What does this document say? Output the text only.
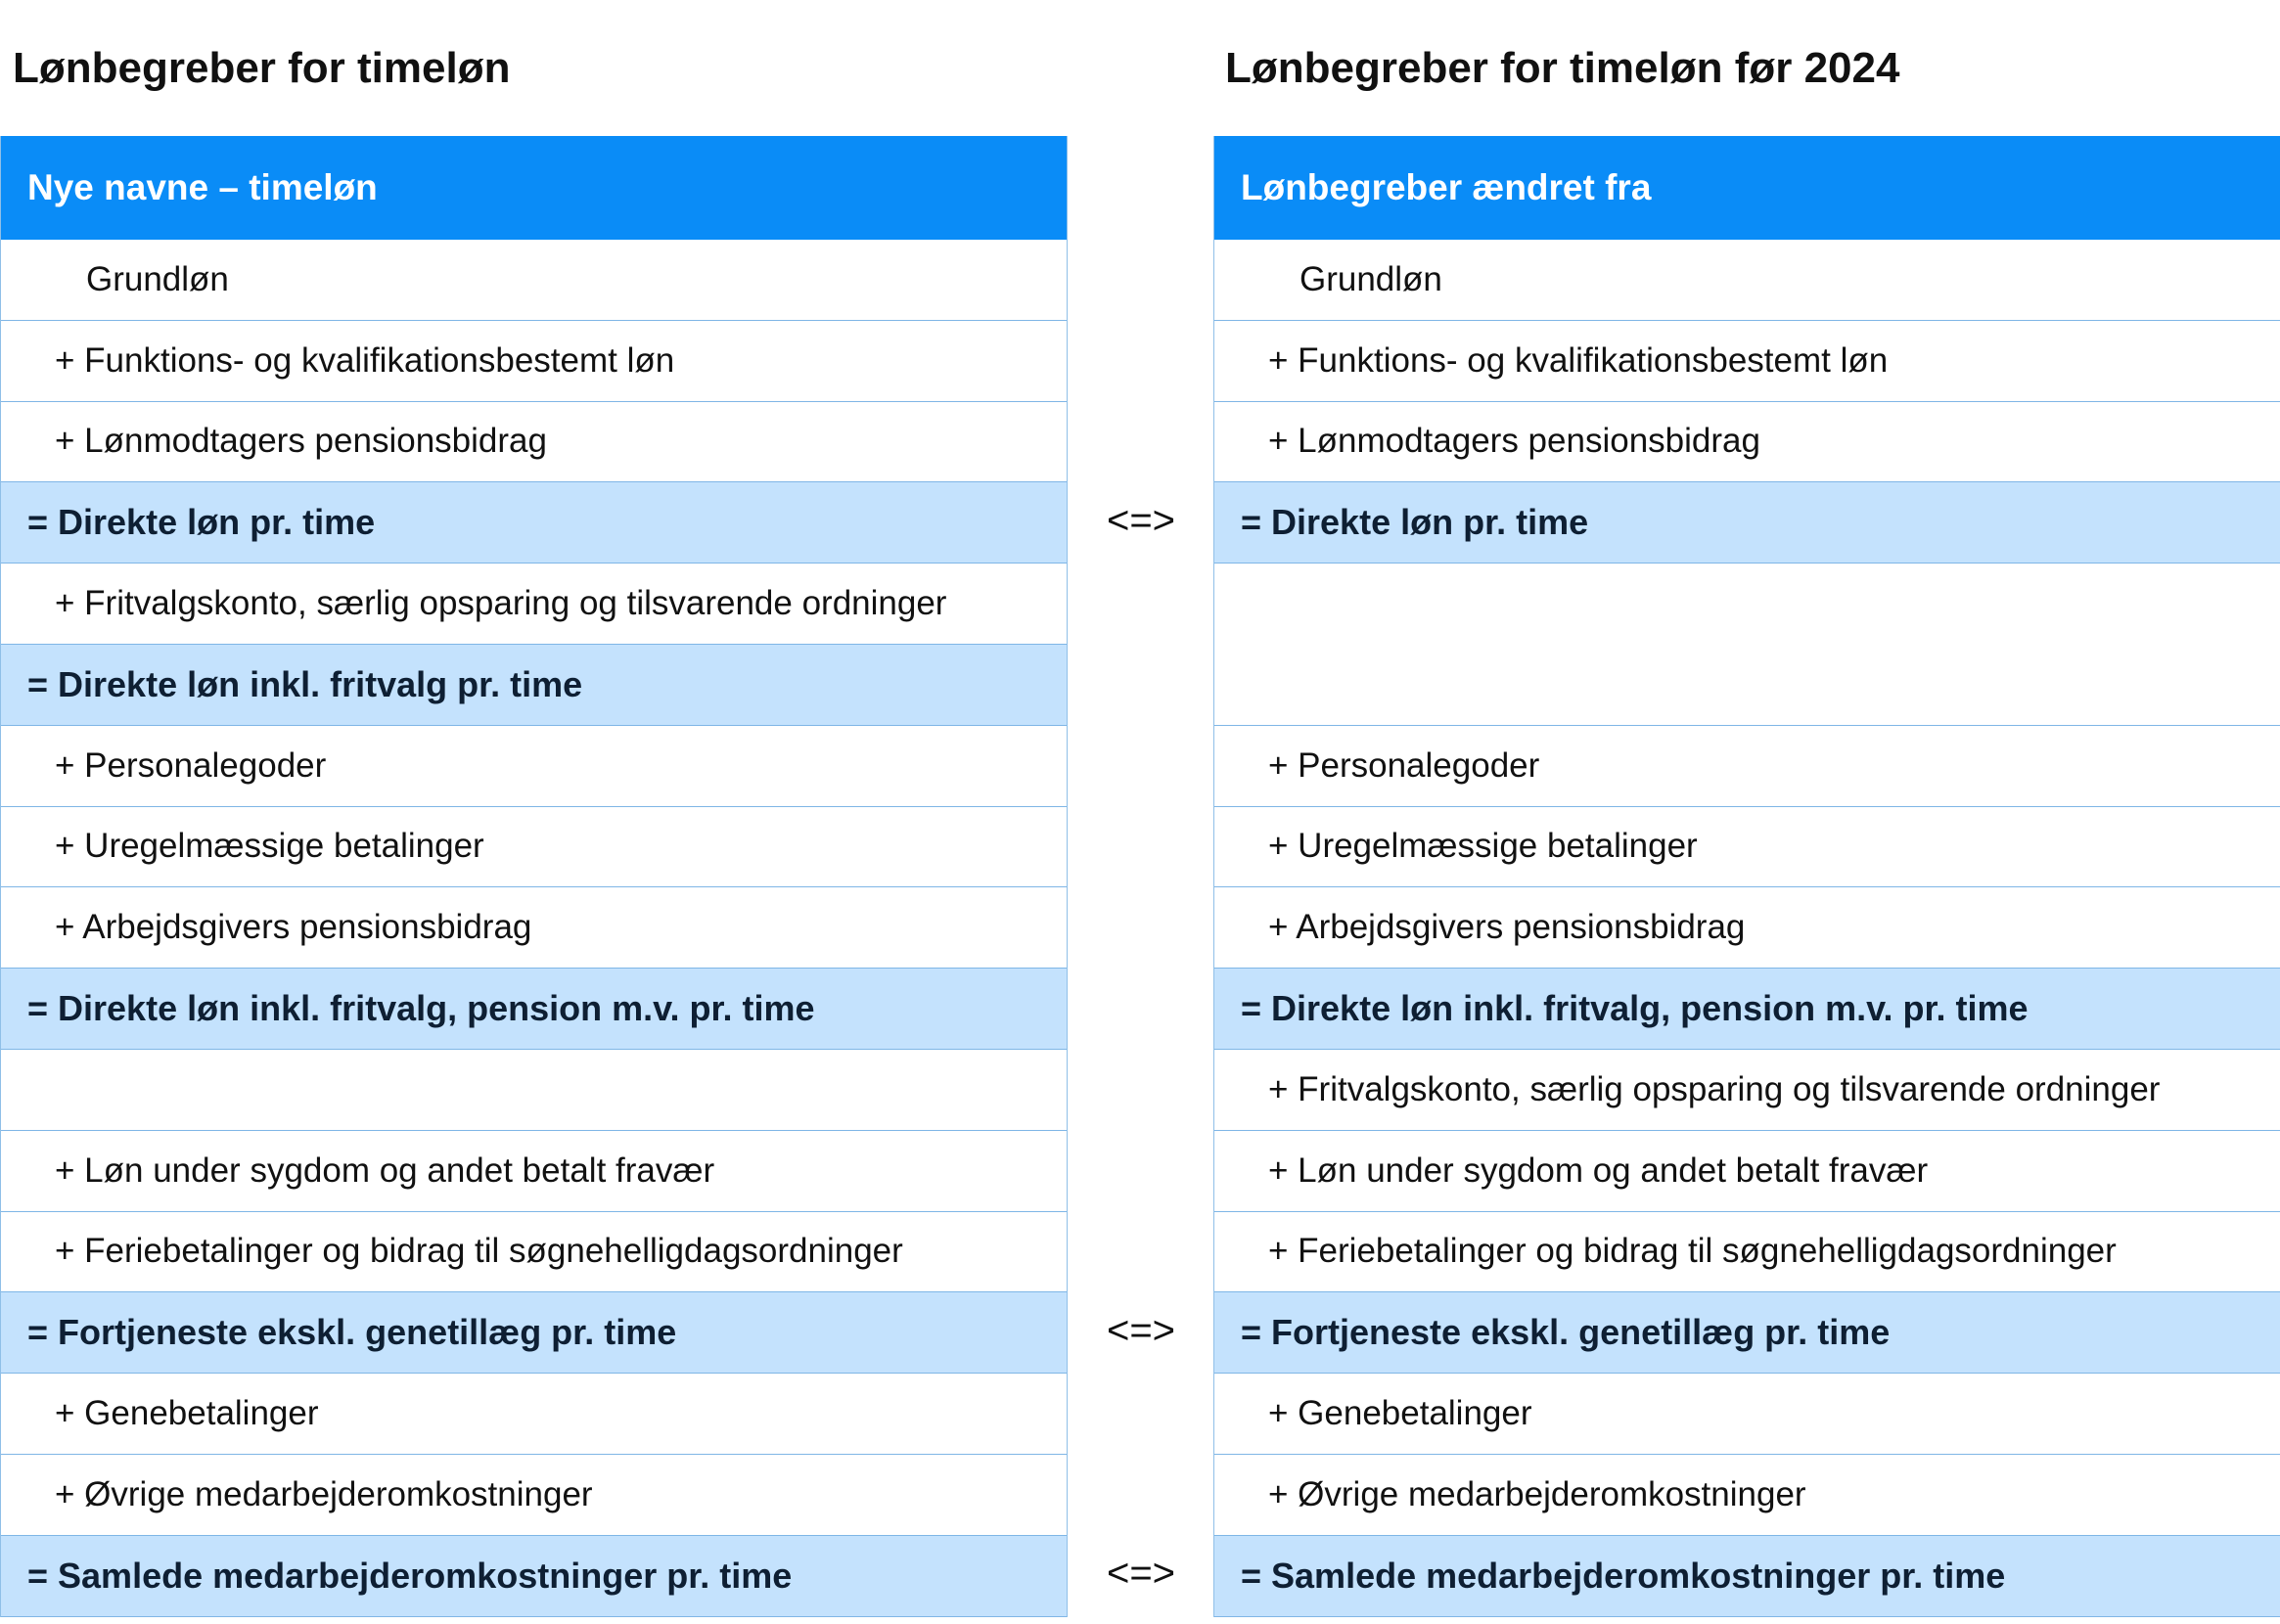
Lønbegreber for timeløn	Lønbegreber for timeløn før 2024
Nye navne – timeløn
Grundløn
+ Funktions- og kvalifikationsbestemt løn
+ Lønmodtagers pensionsbidrag
= Direkte løn pr. time
+ Fritvalgskonto, særlig opsparing og tilsvarende ordninger
= Direkte løn inkl. fritvalg pr. time
+ Personalegoder
+ Uregelmæssige betalinger
+ Arbejdsgivers pensionsbidrag
= Direkte løn inkl. fritvalg, pension m.v. pr. time
+ Løn under sygdom og andet betalt fravær
+ Feriebetalinger og bidrag til søgnehelligdagsordninger
= Fortjeneste ekskl. genetillæg pr. time
+ Genebetalinger
+ Øvrige medarbejderomkostninger
= Samlede medarbejderomkostninger pr. time
Lønbegreber ændret fra
Grundløn
+ Funktions- og kvalifikationsbestemt løn
+ Lønmodtagers pensionsbidrag
= Direkte løn pr. time
+ Personalegoder
+ Uregelmæssige betalinger
+ Arbejdsgivers pensionsbidrag
= Direkte løn inkl. fritvalg, pension m.v. pr. time
+ Fritvalgskonto, særlig opsparing og tilsvarende ordninger
+ Løn under sygdom og andet betalt fravær
+ Feriebetalinger og bidrag til søgnehelligdagsordninger
= Fortjeneste ekskl. genetillæg pr. time
+ Genebetalinger
+ Øvrige medarbejderomkostninger
= Samlede medarbejderomkostninger pr. time
<=>
<=>
<=>
